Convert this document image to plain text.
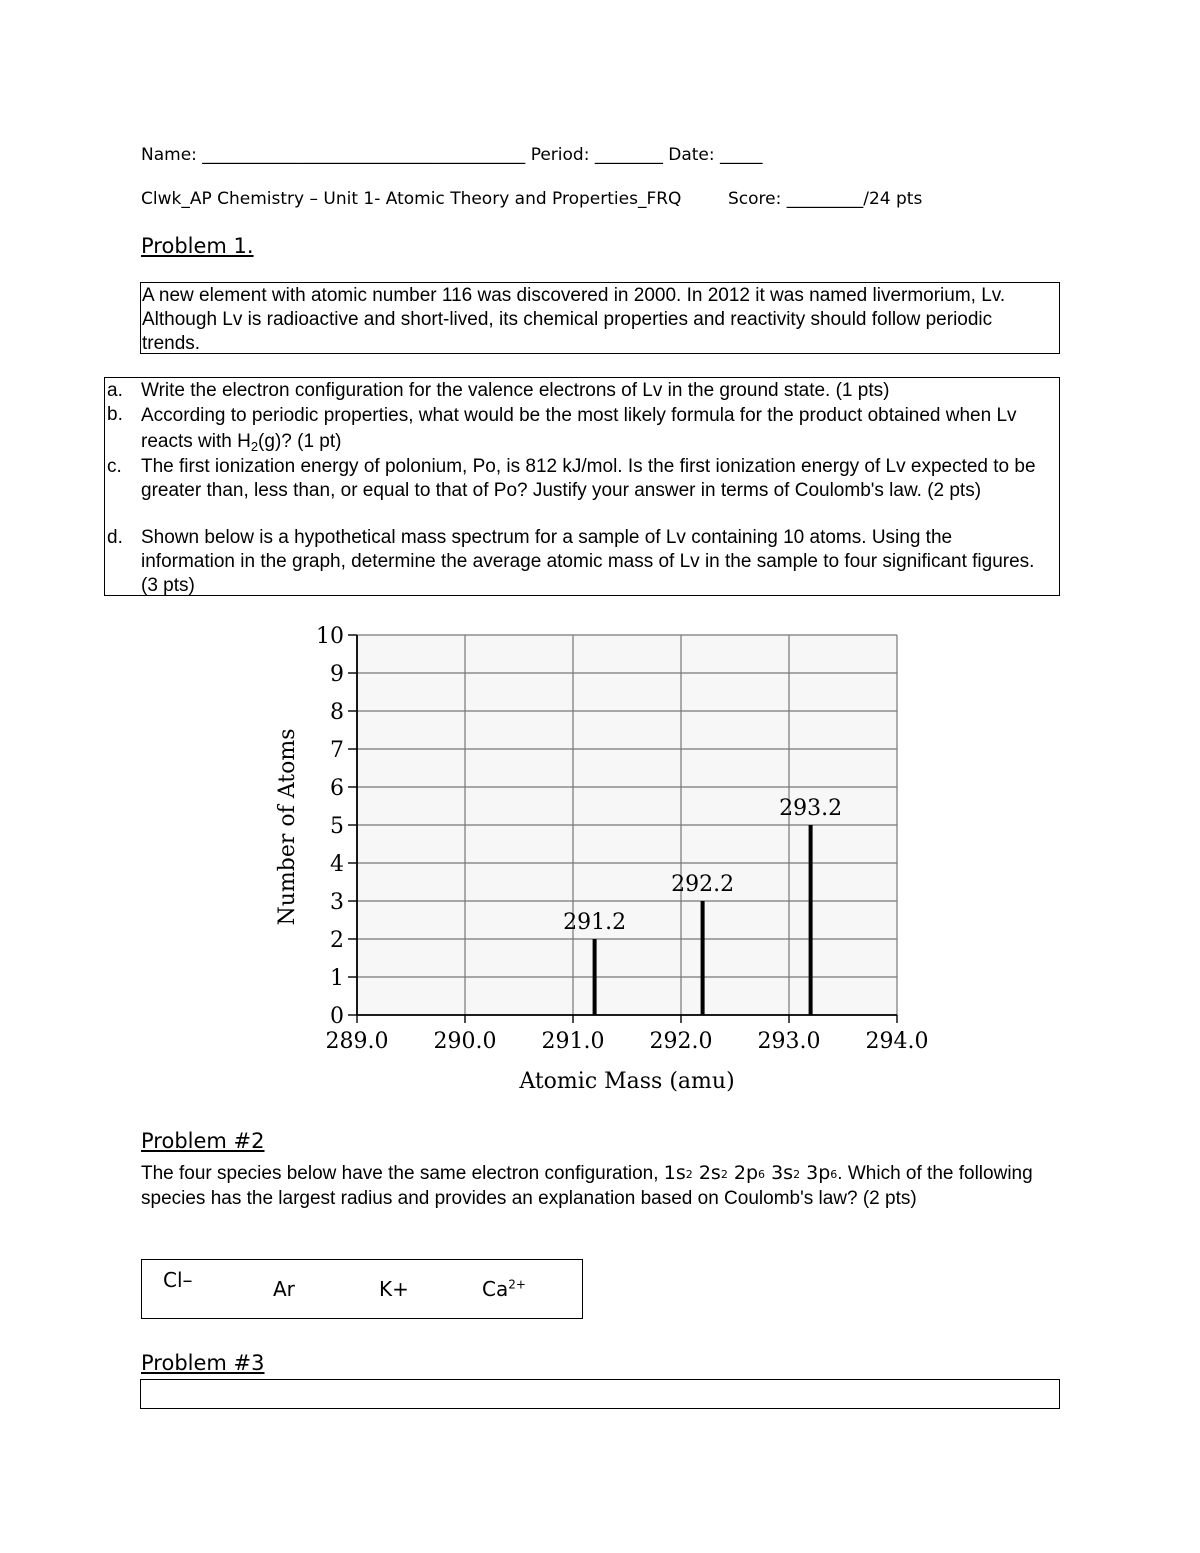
Name: ______________________________________ Period: ________ Date: _____
Clwk_AP Chemistry – Unit 1- Atomic Theory and Properties_FRQ	Score: _________/24 pts
Problem 1.
A new element with atomic number 116 was discovered in 2000. In 2012 it was named livermorium, Lv. Although Lv is radioactive and short-lived, its chemical properties and reactivity should follow periodic trends.
a. Write the electron configuration for the valence electrons of Lv in the ground state. (1 pts)
b. According to periodic properties, what would be the most likely formula for the product obtained when Lv reacts with $H_2(g)$? (1 pt)
c. The first ionization energy of polonium, Po, is 812 kJ/mol. Is the first ionization energy of Lv expected to be greater than, less than, or equal to that of Po? Justify your answer in terms of Coulomb's law. (2 pts)
d. Shown below is a hypothetical mass spectrum for a sample of Lv containing 10 atoms. Using the information in the graph, determine the average atomic mass of Lv in the sample to four significant figures. (3 pts)
291.2
292.2
293.2
289.0 290.0 291.0 292.0 293.0 294.0
0
1
2
3
4
5
6
7
8
9
10
Atomic Mass (amu)
Number of Atoms
Problem #2
The four species below have the same electron configuration, $1s^2$ $2s^2$ $2p^6$ $3s^2$ $3p^6$. Which of the following species has the largest radius and provides an explanation based on Coulomb's law? (2 pts)
Cl–	Ar	K+	$Ca^{2+}$
Problem #3
